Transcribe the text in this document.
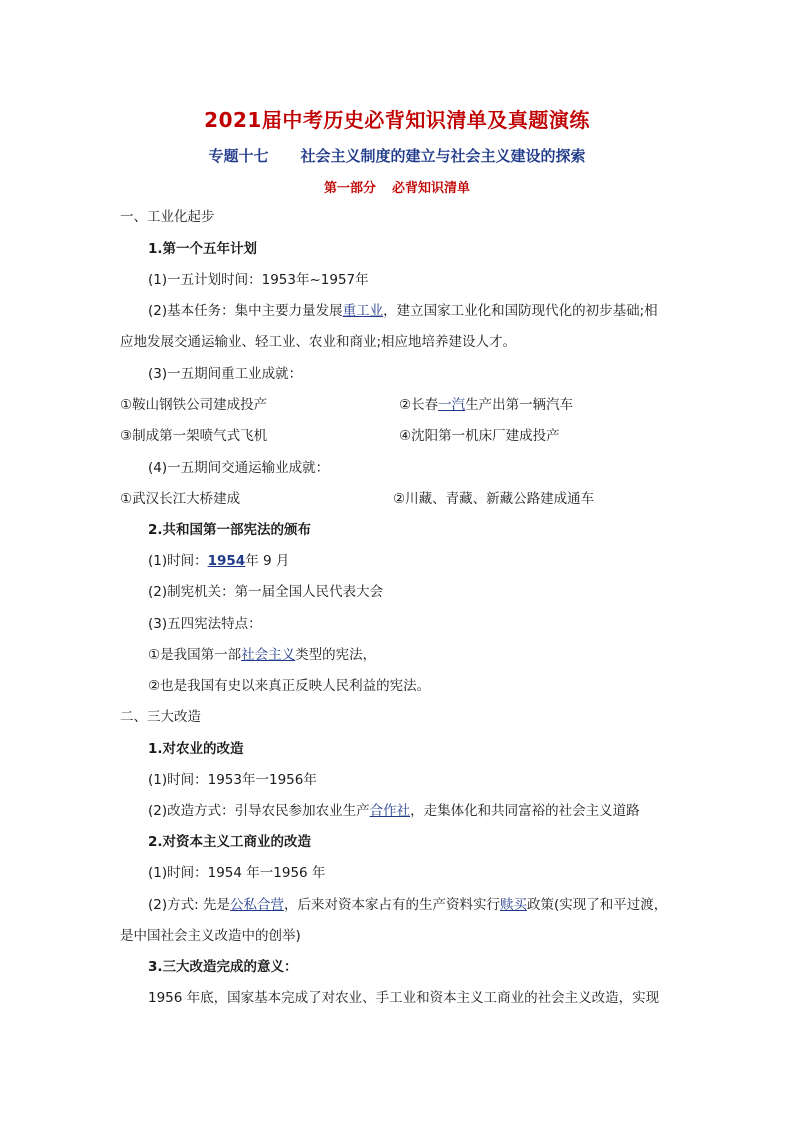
2021届中考历史必背知识清单及真题演练
专题十七 社会主义制度的建立与社会主义建设的探索
第一部分 必背知识清单
一、工业化起步
1.第一个五年计划
(1)一五计划时间：1953年~1957年
(2)基本任务：集中主要力量发展重工业，建立国家工业化和国防现代化的初步基础;相
应地发展交通运输业、轻工业、农业和商业;相应地培养建设人才。
(3)一五期间重工业成就：
①鞍山钢铁公司建成投产	②长春一汽生产出第一辆汽车
③制成第一架喷气式飞机	④沈阳第一机床厂建成投产
(4)一五期间交通运输业成就：
①武汉长江大桥建成	②川藏、青藏、新藏公路建成通车
2.共和国第一部宪法的颁布
(1)时间：1954年 9 月
(2)制宪机关：第一届全国人民代表大会
(3)五四宪法特点：
①是我国第一部社会主义类型的宪法，
②也是我国有史以来真正反映人民利益的宪法。
二、三大改造
1.对农业的改造
(1)时间：1953年一1956年
(2)改造方式：引导农民参加农业生产合作社，走集体化和共同富裕的社会主义道路
2.对资本主义工商业的改造
(1)时间：1954 年一1956 年
(2)方式: 先是公私合营，后来对资本家占有的生产资料实行赎买政策(实现了和平过渡，
是中国社会主义改造中的创举)
3.三大改造完成的意义：
1956 年底，国家基本完成了对农业、手工业和资本主义工商业的社会主义改造，实现
